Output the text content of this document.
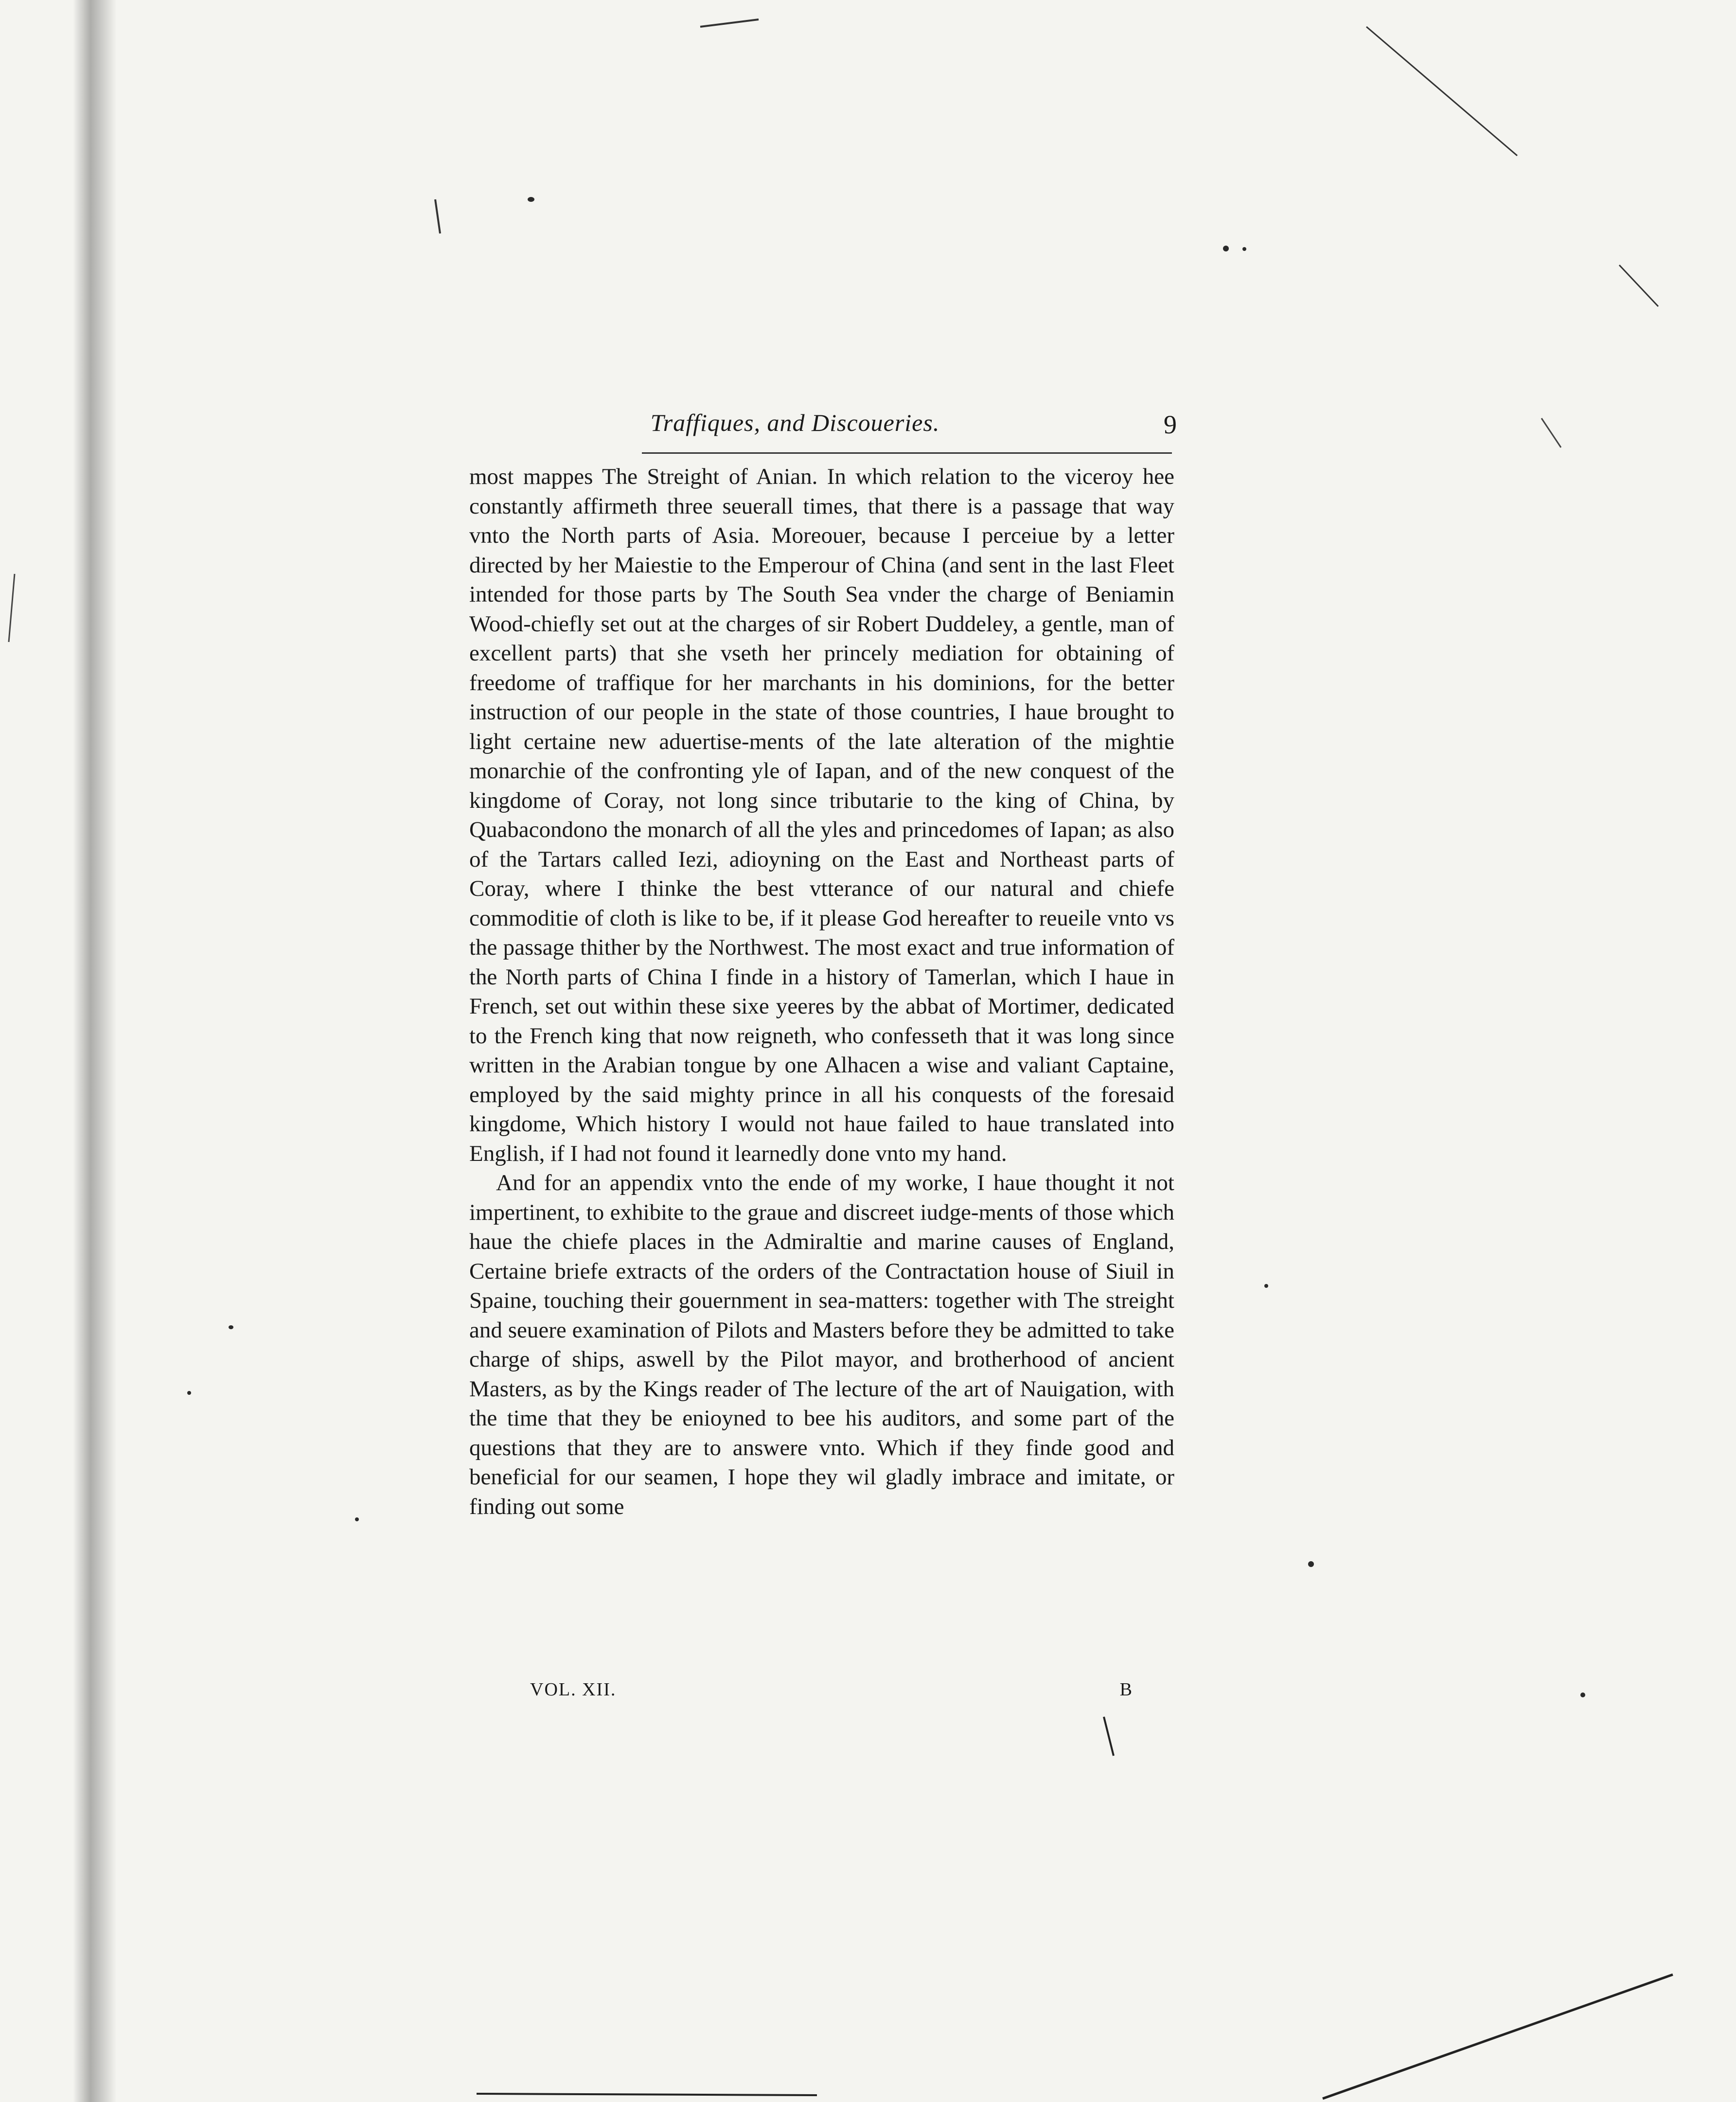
Traffiques, and Discoueries.	9

most mappes The Streight of Anian. In which relation to the viceroy hee constantly affirmeth three seuerall times, that there is a passage that way vnto the North parts of Asia. Moreouer, because I perceiue by a letter directed by her Maiestie to the Emperour of China (and sent in the last Fleet intended for those parts by The South Sea vnder the charge of Beniamin Wood-chiefly set out at the charges of sir Robert Duddeley, a gentle, man of excellent parts) that she vseth her princely mediation for obtaining of freedome of traffique for her marchants in his dominions, for the better instruction of our people in the state of those countries, I haue brought to light certaine new aduertise-ments of the late alteration of the mightie monarchie of the confronting yle of Iapan, and of the new conquest of the kingdome of Coray, not long since tributarie to the king of China, by Quabacondono the monarch of all the yles and princedomes of Iapan; as also of the Tartars called Iezi, adioyning on the East and Northeast parts of Coray, where I thinke the best vtterance of our natural and chiefe commoditie of cloth is like to be, if it please God hereafter to reueile vnto vs the passage thither by the Northwest. The most exact and true information of the North parts of China I finde in a history of Tamerlan, which I haue in French, set out within these sixe yeeres by the abbat of Mortimer, dedicated to the French king that now reigneth, who confesseth that it was long since written in the Arabian tongue by one Alhacen a wise and valiant Captaine, employed by the said mighty prince in all his conquests of the foresaid kingdome, Which history I would not haue failed to haue translated into English, if I had not found it learnedly done vnto my hand.

And for an appendix vnto the ende of my worke, I haue thought it not impertinent, to exhibite to the graue and discreet iudge-ments of those which haue the chiefe places in the Admiraltie and marine causes of England, Certaine briefe extracts of the orders of the Contractation house of Siuil in Spaine, touching their gouernment in sea-matters: together with The streight and seuere examination of Pilots and Masters before they be admitted to take charge of ships, aswell by the Pilot mayor, and brotherhood of ancient Masters, as by the Kings reader of The lecture of the art of Nauigation, with the time that they be enioyned to bee his auditors, and some part of the questions that they are to answere vnto. Which if they finde good and beneficial for our seamen, I hope they wil gladly imbrace and imitate, or finding out some

VOL. XII.	B
